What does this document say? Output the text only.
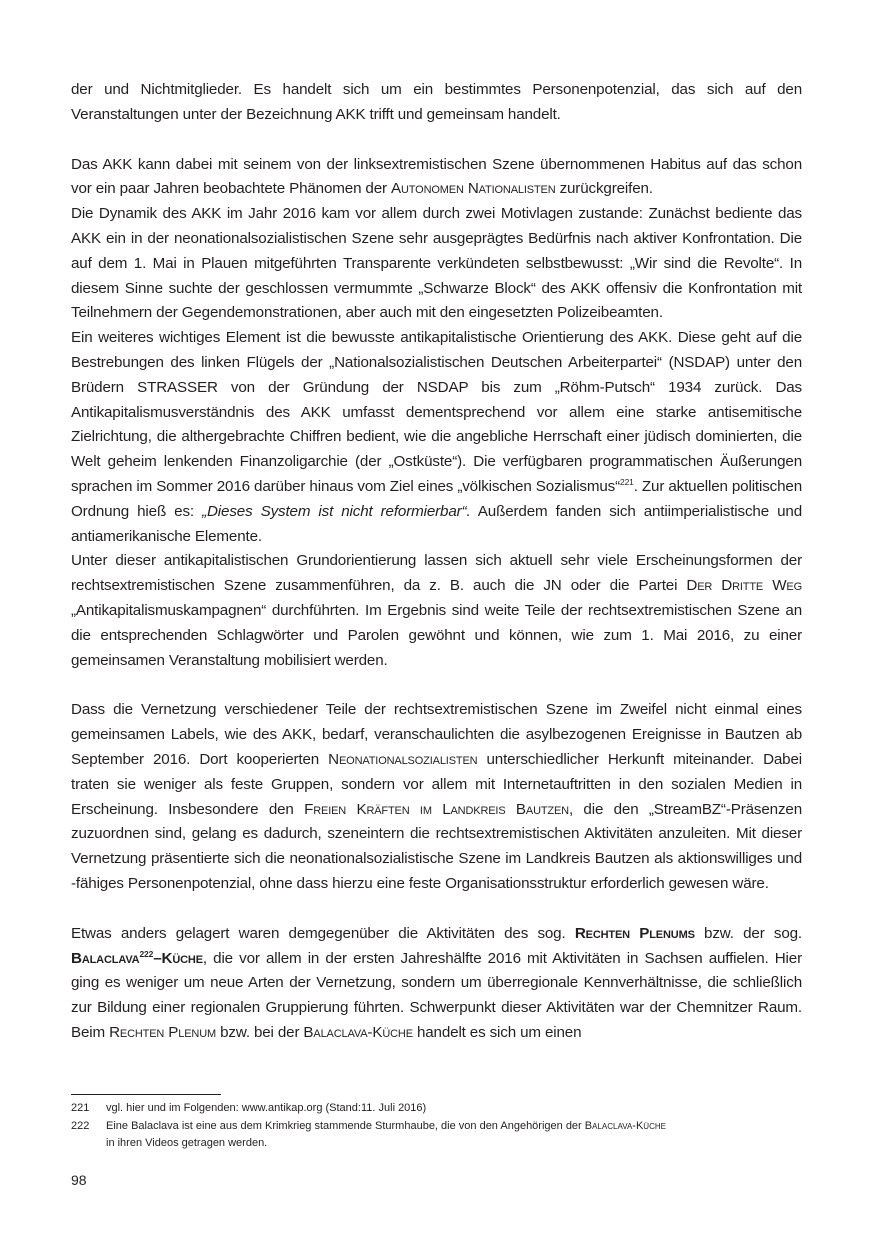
der und Nichtmitglieder. Es handelt sich um ein bestimmtes Personenpotenzial, das sich auf den Veranstaltungen unter der Bezeichnung AKK trifft und gemeinsam handelt.

Das AKK kann dabei mit seinem von der linksextremistischen Szene übernommenen Habitus auf das schon vor ein paar Jahren beobachtete Phänomen der Autonomen Nationalisten zurückgreifen.

Die Dynamik des AKK im Jahr 2016 kam vor allem durch zwei Motivlagen zustande: Zunächst bediente das AKK ein in der neonationalsozialistischen Szene sehr ausgeprägtes Bedürfnis nach aktiver Konfrontation. Die auf dem 1. Mai in Plauen mitgeführten Transparente verkündeten selbstbewusst: „Wir sind die Revolte“. In diesem Sinne suchte der geschlossen vermummte „Schwarze Block“ des AKK offensiv die Konfrontation mit Teilnehmern der Gegendemonstrationen, aber auch mit den eingesetzten Polizeibeamten.

Ein weiteres wichtiges Element ist die bewusste antikapitalistische Orientierung des AKK. Diese geht auf die Bestrebungen des linken Flügels der „Nationalsozialistischen Deutschen Arbeiterpartei“ (NSDAP) unter den Brüdern STRASSER von der Gründung der NSDAP bis zum „Röhm-Putsch“ 1934 zurück. Das Antikapitalismusverständnis des AKK umfasst dementsprechend vor allem eine starke antisemitische Zielrichtung, die althergebrachte Chiffren bedient, wie die angebliche Herrschaft einer jüdisch dominierten, die Welt geheim lenkenden Finanzoligarchie (der „Ostküste“). Die verfügbaren programmatischen Äußerungen sprachen im Sommer 2016 darüber hinaus vom Ziel eines „völkischen Sozialismus“$^{221}$. Zur aktuellen politischen Ordnung hieß es: „Dieses System ist nicht reformierbar“. Außerdem fanden sich antiimperialistische und antiamerikanische Elemente.

Unter dieser antikapitalistischen Grundorientierung lassen sich aktuell sehr viele Erscheinungsformen der rechtsextremistischen Szene zusammenführen, da z. B. auch die JN oder die Partei Der Dritte Weg „Antikapitalismuskampagnen“ durchführten. Im Ergebnis sind weite Teile der rechtsextremistischen Szene an die entsprechenden Schlagwörter und Parolen gewöhnt und können, wie zum 1. Mai 2016, zu einer gemeinsamen Veranstaltung mobilisiert werden.

Dass die Vernetzung verschiedener Teile der rechtsextremistischen Szene im Zweifel nicht einmal eines gemeinsamen Labels, wie des AKK, bedarf, veranschaulichten die asylbezogenen Ereignisse in Bautzen ab September 2016. Dort kooperierten Neonationalsozialisten unterschiedlicher Herkunft miteinander. Dabei traten sie weniger als feste Gruppen, sondern vor allem mit Internetauftritten in den sozialen Medien in Erscheinung. Insbesondere den Freien Kräften im Landkreis Bautzen, die den „StreamBZ“-Präsenzen zuzuordnen sind, gelang es dadurch, szeneintern die rechtsextremistischen Aktivitäten anzuleiten. Mit dieser Vernetzung präsentierte sich die neonationalsozialistische Szene im Landkreis Bautzen als aktionswilliges und -fähiges Personenpotenzial, ohne dass hierzu eine feste Organisationsstruktur erforderlich gewesen wäre.

Etwas anders gelagert waren demgegenüber die Aktivitäten des sog. Rechten Plenums bzw. der sog. Balaclava$^{222}$–Küche, die vor allem in der ersten Jahreshälfte 2016 mit Aktivitäten in Sachsen auffielen. Hier ging es weniger um neue Arten der Vernetzung, sondern um überregionale Kennverhältnisse, die schließlich zur Bildung einer regionalen Gruppierung führten. Schwerpunkt dieser Aktivitäten war der Chemnitzer Raum. Beim Rechten Plenum bzw. bei der Balaclava-Küche handelt es sich um einen

221	vgl. hier und im Folgenden: www.antikap.org (Stand:11. Juli 2016)
222	Eine Balaclava ist eine aus dem Krimkrieg stammende Sturmhaube, die von den Angehörigen der Balaclava-Küche
in ihren Videos getragen werden.
98
